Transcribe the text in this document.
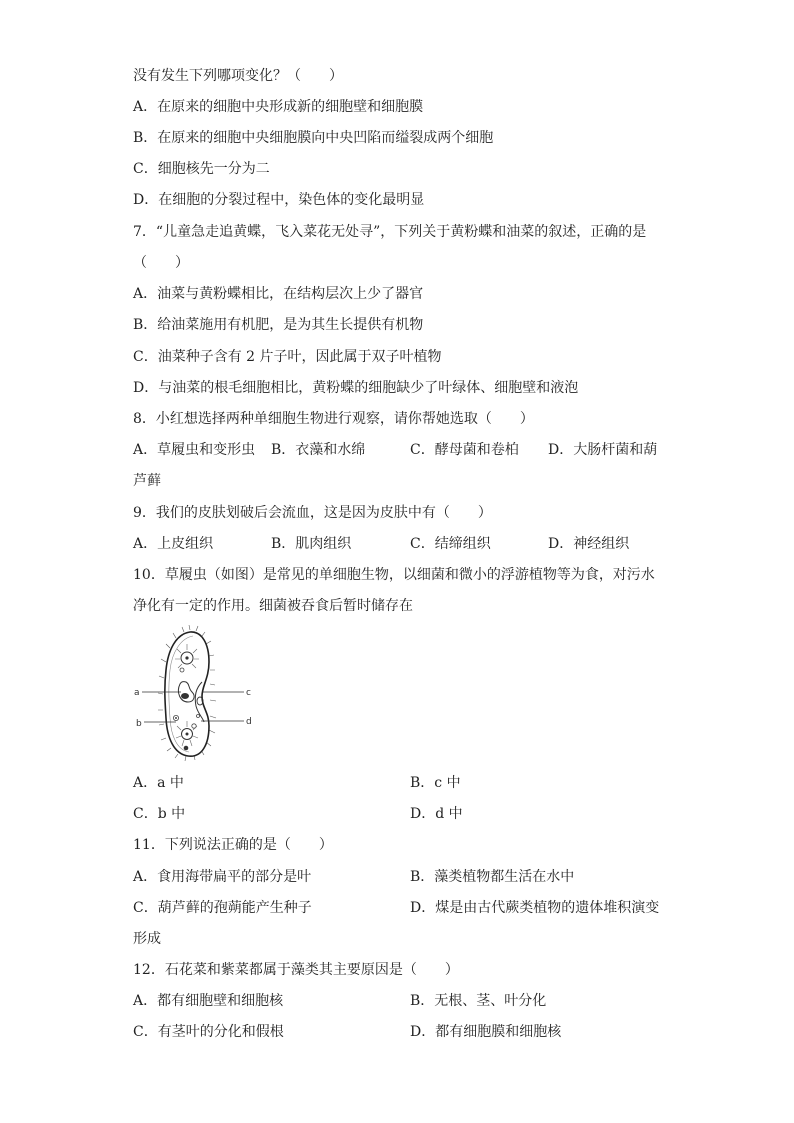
没有发生下列哪项变化？（　　）
A．在原来的细胞中央形成新的细胞壁和细胞膜
B．在原来的细胞中央细胞膜向中央凹陷而缢裂成两个细胞
C．细胞核先一分为二
D．在细胞的分裂过程中，染色体的变化最明显
7．“儿童急走追黄蝶，飞入菜花无处寻”，下列关于黄粉蝶和油菜的叙述，正确的是
（　　）
A．油菜与黄粉蝶相比，在结构层次上少了器官
B．给油菜施用有机肥，是为其生长提供有机物
C．油菜种子含有 2 片子叶，因此属于双子叶植物
D．与油菜的根毛细胞相比，黄粉蝶的细胞缺少了叶绿体、细胞壁和液泡
8．小红想选择两种单细胞生物进行观察，请你帮她选取（　　）
A．草履虫和变形虫 B．衣藻和水绵	C．酵母菌和卷柏 D．大肠杆菌和葫
芦藓
9．我们的皮肤划破后会流血，这是因为皮肤中有（　　）
A．上皮组织	B．肌肉组织	C．结缔组织	D．神经组织
10．草履虫（如图）是常见的单细胞生物，以细菌和微小的浮游植物等为食，对污水
净化有一定的作用。细菌被吞食后暂时储存在
a
b
c
d
A．a 中	B．c 中
C．b 中	D．d 中
11．下列说法正确的是（　　）
A．食用海带扁平的部分是叶	B．藻类植物都生活在水中
C．葫芦藓的孢蒴能产生种子	D．煤是由古代蕨类植物的遗体堆积演变
形成
12．石花菜和紫菜都属于藻类其主要原因是（　　）
A．都有细胞壁和细胞核	B．无根、茎、叶分化
C．有茎叶的分化和假根	D．都有细胞膜和细胞核
